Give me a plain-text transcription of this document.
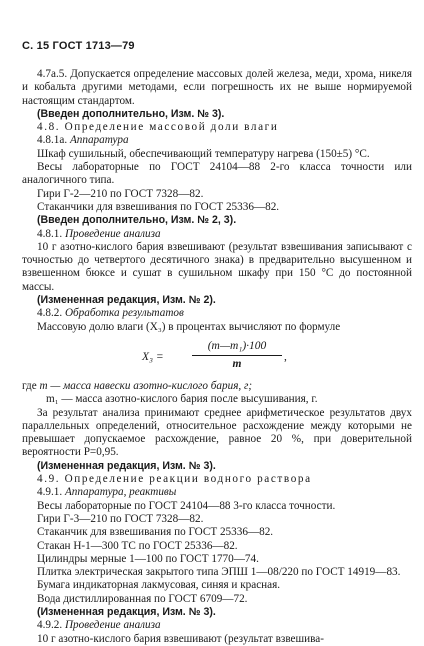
С. 15 ГОСТ 1713—79

4.7а.5. Допускается определение массовых долей железа, меди, хрома, никеля и кобальта другими методами, если погрешность их не выше нормируемой настоящим стандартом.

(Введен дополнительно, Изм. № 3).

4.8. Определение массовой доли влаги

4.8.1а. Аппаратура

Шкаф сушильный, обеспечивающий температуру нагрева (150±5) °С.

Весы лабораторные по ГОСТ 24104—88 2-го класса точности или аналогичного типа.

Гири Г-2—210 по ГОСТ 7328—82.

Стаканчики для взвешивания по ГОСТ 25336—82.

(Введен дополнительно, Изм. № 2, 3).

4.8.1. Проведение анализа

10 г азотно-кислого бария взвешивают (результат взвешивания записывают с точностью до четвертого десятичного знака) в предварительно высушенном и взвешенном бюксе и сушат в сушильном шкафу при 150 °С до постоянной массы.

(Измененная редакция, Изм. № 2).

4.8.2. Обработка результатов

Массовую долю влаги (X₃) в процентах вычисляют по формуле

X₃ =
(m—m₁)·100
m
,

где m — масса навески азотно-кислого бария, г;

m₁ — масса азотно-кислого бария после высушивания, г.

За результат анализа принимают среднее арифметическое результатов двух параллельных определений, относительное расхождение между которыми не превышает допускаемое расхождение, равное 20 %, при доверительной вероятности P=0,95.

(Измененная редакция, Изм. № 3).

4.9. Определение реакции водного раствора

4.9.1. Аппаратура, реактивы

Весы лабораторные по ГОСТ 24104—88 3-го класса точности.

Гири Г-3—210 по ГОСТ 7328—82.

Стаканчик для взвешивания по ГОСТ 25336—82.

Стакан Н-1—300 ТС по ГОСТ 25336—82.

Цилиндры мерные 1—100 по ГОСТ 1770—74.

Плитка электрическая закрытого типа ЭПШ 1—08/220 по ГОСТ 14919—83.

Бумага индикаторная лакмусовая, синяя и красная.

Вода дистиллированная по ГОСТ 6709—72.

(Измененная редакция, Изм. № 3).

4.9.2. Проведение анализа

10 г азотно-кислого бария взвешивают (результат взвешива-
